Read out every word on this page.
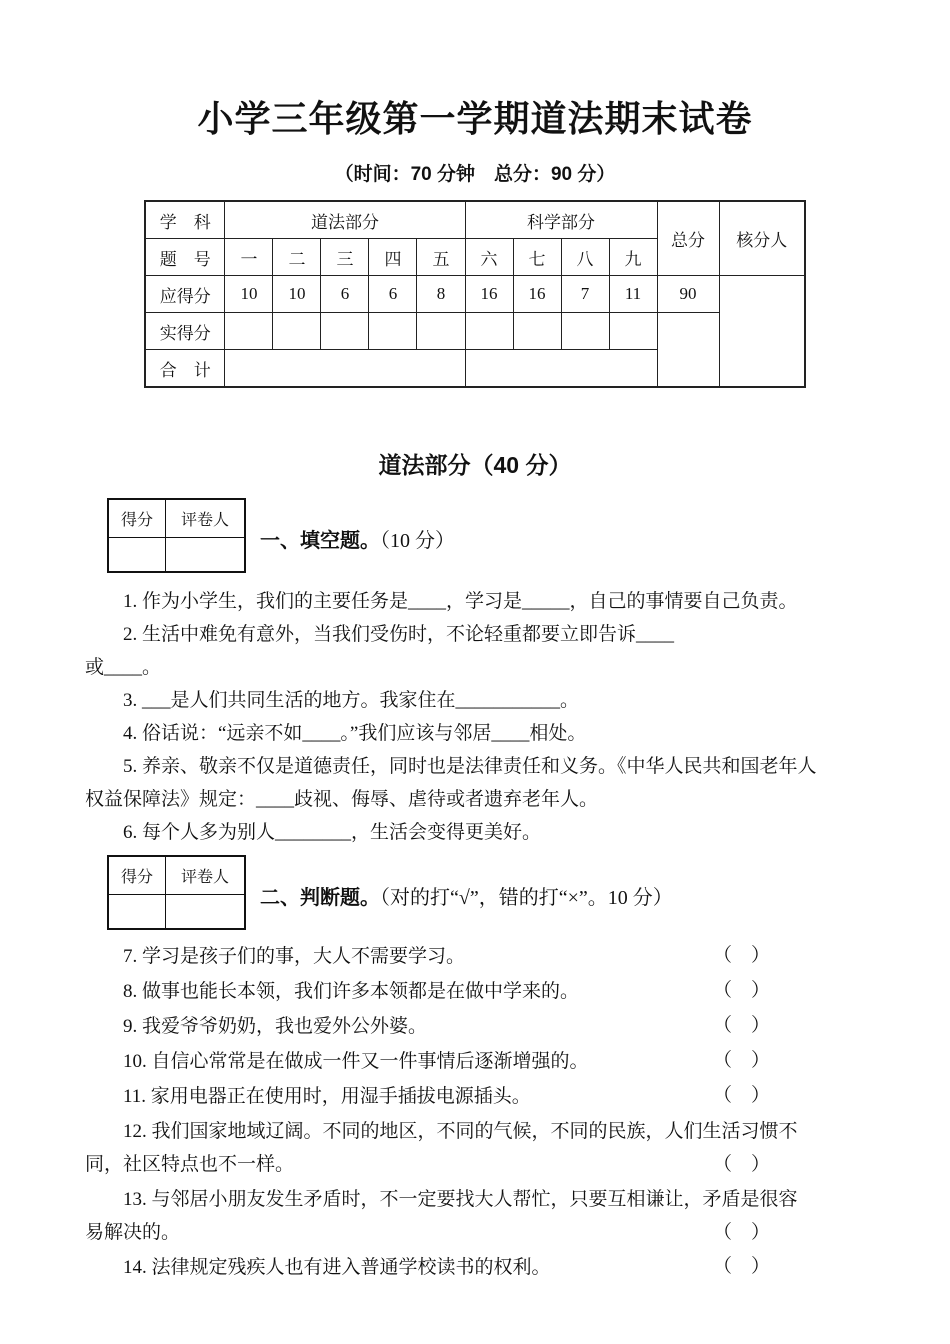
小学三年级第一学期道法期末试卷
（时间：70 分钟　总分：90 分）
学　科	道法部分					科学部分				总分	核分人
题　号	一	二	三	四	五	六	七	八	九		
应得分	10	10	6	6	8	16	16	7	11	90	
实得分											
合　计											
道法部分（40 分）
得分	评卷人

一、填空题。（10 分）
1. 作为小学生，我们的主要任务是____，学习是_____，自己的事情要自己负责。
2. 生活中难免有意外，当我们受伤时，不论轻重都要立即告诉____
或____。
3. ___是人们共同生活的地方。我家住在___________。
4. 俗话说：“远亲不如____。”我们应该与邻居____相处。
5. 养亲、敬亲不仅是道德责任，同时也是法律责任和义务。《中华人民共和国老年人
权益保障法》规定：____歧视、侮辱、虐待或者遗弃老年人。
6. 每个人多为别人________，生活会变得更美好。
得分	评卷人

二、判断题。（对的打“√”，错的打“×”。10 分）
7. 学习是孩子们的事，大人不需要学习。	（　）
8. 做事也能长本领，我们许多本领都是在做中学来的。	（　）
9. 我爱爷爷奶奶，我也爱外公外婆。	（　）
10. 自信心常常是在做成一件又一件事情后逐渐增强的。	（　）
11. 家用电器正在使用时，用湿手插拔电源插头。	（　）
12. 我们国家地域辽阔。不同的地区，不同的气候，不同的民族，人们生活习惯不
同，社区特点也不一样。	（　）
13. 与邻居小朋友发生矛盾时，不一定要找大人帮忙，只要互相谦让，矛盾是很容
易解决的。	（　）
14. 法律规定残疾人也有进入普通学校读书的权利。	（　）
